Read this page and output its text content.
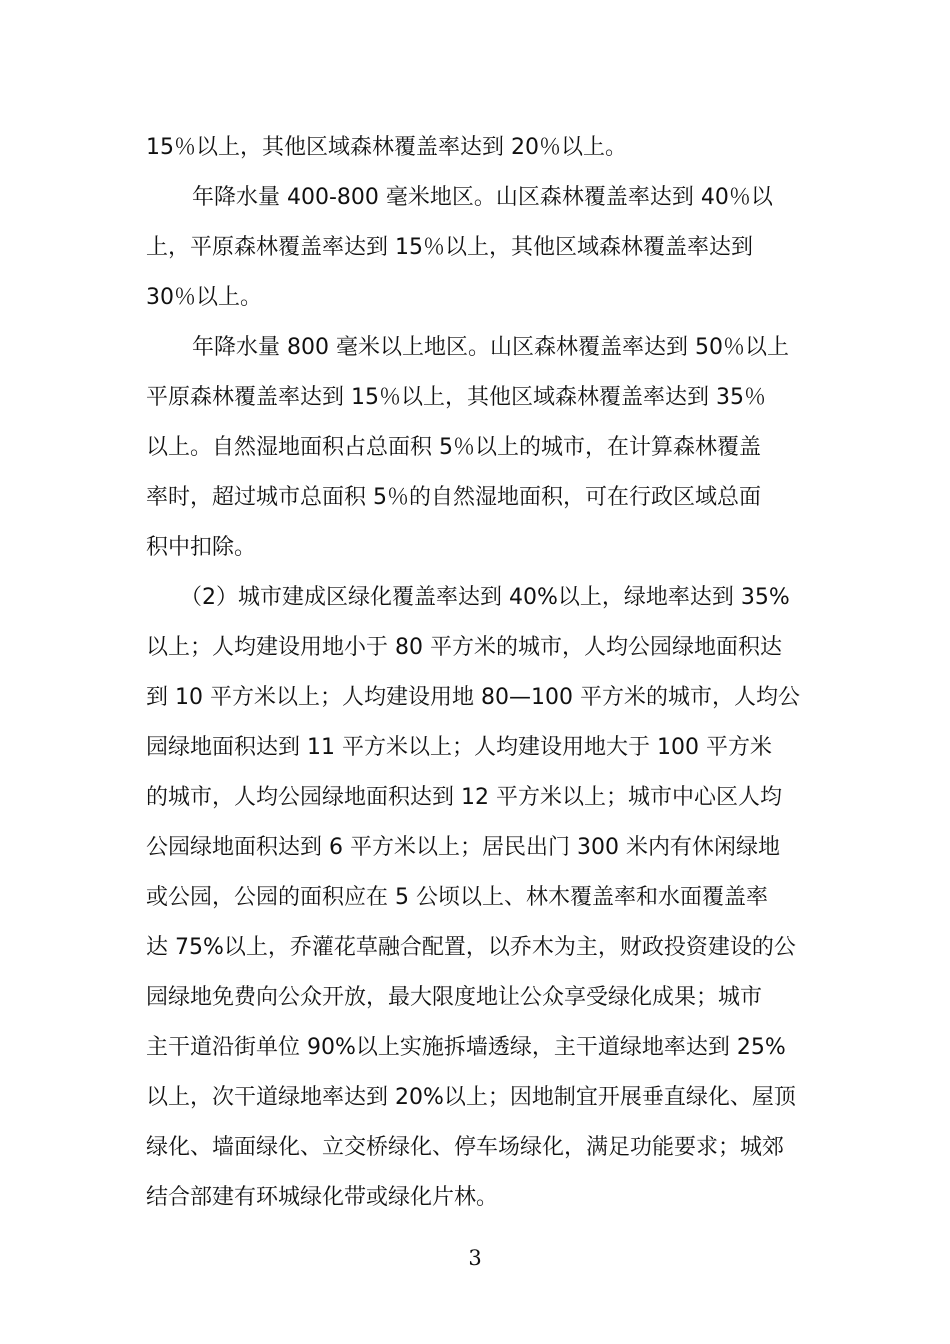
15％以上，其他区域森林覆盖率达到 20％以上。
年降水量 400-800 毫米地区。山区森林覆盖率达到 40％以
上，平原森林覆盖率达到 15％以上，其他区域森林覆盖率达到
30％以上。
年降水量 800 毫米以上地区。山区森林覆盖率达到 50％以上
平原森林覆盖率达到 15％以上，其他区域森林覆盖率达到 35％
以上。自然湿地面积占总面积 5％以上的城市，在计算森林覆盖
率时，超过城市总面积 5％的自然湿地面积，可在行政区域总面
积中扣除。
（2）城市建成区绿化覆盖率达到 40%以上，绿地率达到 35%
以上；人均建设用地小于 80 平方米的城市，人均公园绿地面积达
到 10 平方米以上；人均建设用地 80—100 平方米的城市，人均公
园绿地面积达到 11 平方米以上；人均建设用地大于 100 平方米
的城市，人均公园绿地面积达到 12 平方米以上；城市中心区人均
公园绿地面积达到 6 平方米以上；居民出门 300 米内有休闲绿地
或公园，公园的面积应在 5 公顷以上、林木覆盖率和水面覆盖率
达 75%以上，乔灌花草融合配置，以乔木为主，财政投资建设的公
园绿地免费向公众开放，最大限度地让公众享受绿化成果；城市
主干道沿街单位 90%以上实施拆墙透绿，主干道绿地率达到 25%
以上，次干道绿地率达到 20%以上；因地制宜开展垂直绿化、屋顶
绿化、墙面绿化、立交桥绿化、停车场绿化，满足功能要求；城郊
结合部建有环城绿化带或绿化片林。
3
